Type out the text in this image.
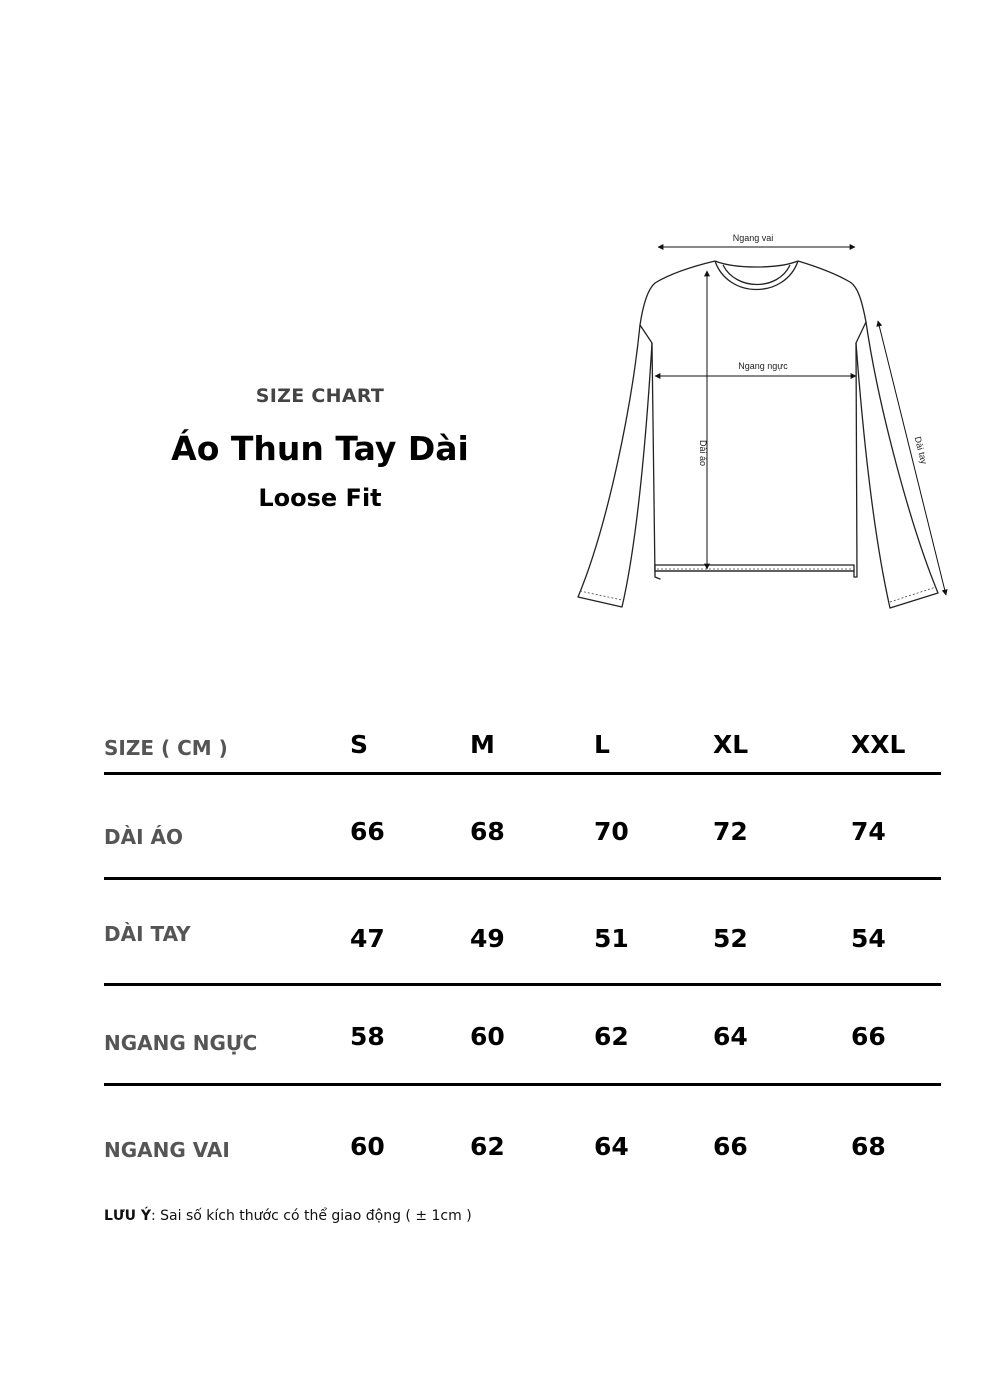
SIZE CHART

Áo Thun Tay Dài

Loose Fit

Ngang vai
Ngang ngực
Dài áo	Dài tay
SIZE ( CM )	S	M	L	XL	XXL
DÀI ÁO	66	68	70	72	74
DÀI TAY	47	49	51	52	54
NGANG NGỰC	58	60	62	64	66
NGANG VAI	60	62	64	66	68
LƯU Ý: Sai số kích thước có thể giao động ( ± 1cm )
